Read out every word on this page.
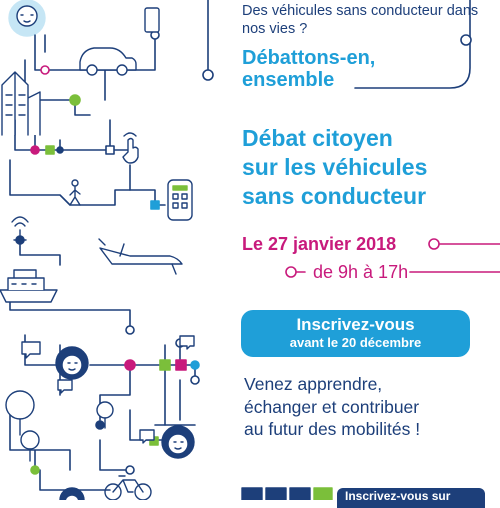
Des véhicules sans conducteur dans nos vies ?

Débattons-en,
ensemble
Débat citoyen
sur les véhicules
sans conducteur
Le 27 janvier 2018
de 9h à 17h
Inscrivez-vous
avant le 20 décembre
Venez apprendre,
échanger et contribuer
au futur des mobilités !
Inscrivez-vous sur
